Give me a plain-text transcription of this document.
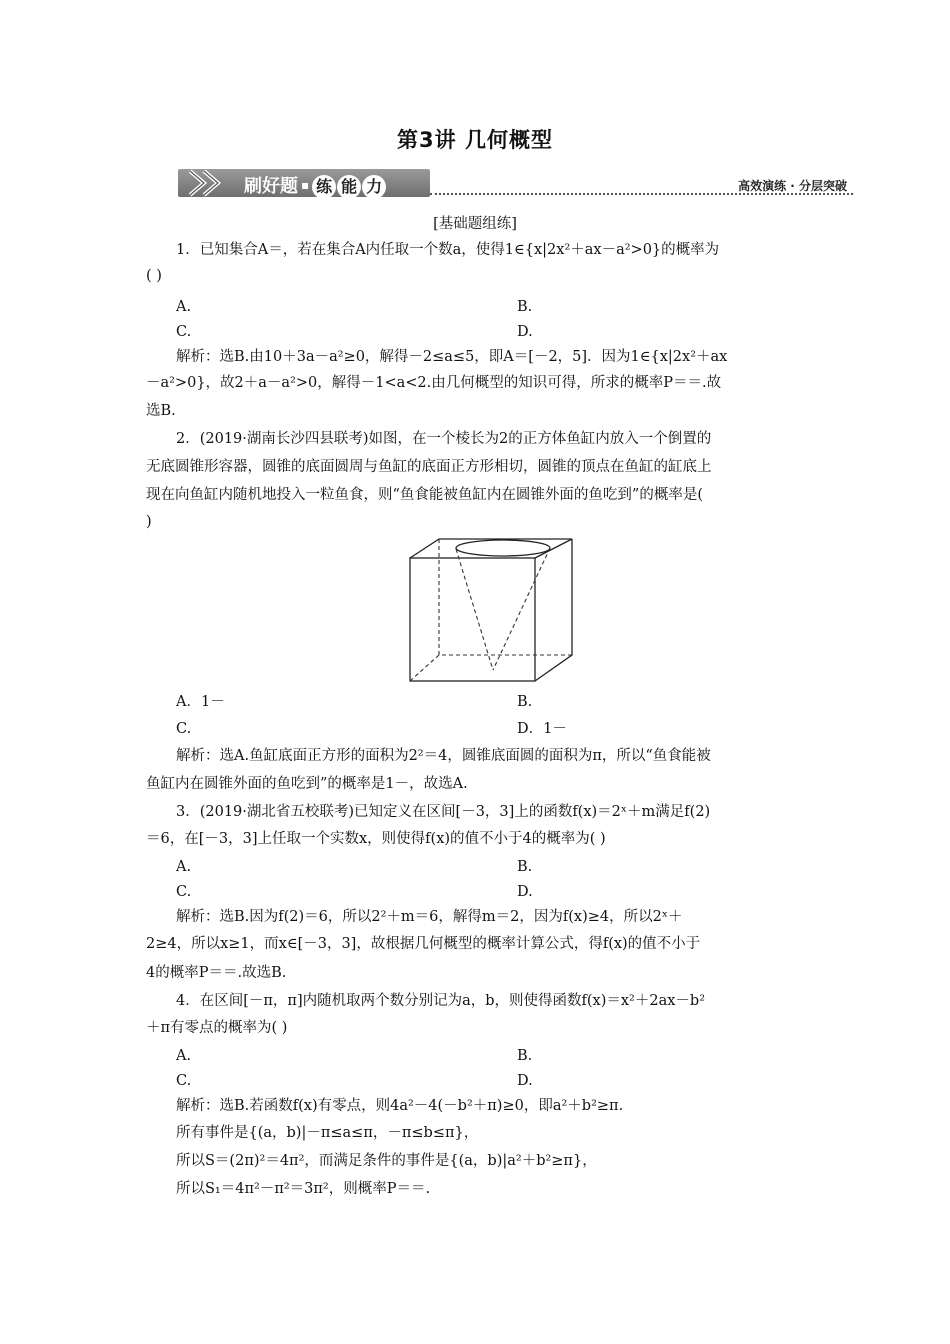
第3讲 几何概型
刷好题 ▪ 练 能 力	高效演练 · 分层突破
[基础题组练]
1．已知集合A＝，若在集合A内任取一个数a，使得1∈{x|2x²＋ax－a²>0}的概率为
( )
A.	B.
C.	D.
解析：选B.由10＋3a－a²≥0，解得－2≤a≤5，即A＝[－2，5]．因为1∈{x|2x²＋ax
－a²>0}，故2＋a－a²>0，解得－1<a<2.由几何概型的知识可得，所求的概率P＝＝.故
选B.
2．(2019·湖南长沙四县联考)如图，在一个棱长为2的正方体鱼缸内放入一个倒置的
无底圆锥形容器，圆锥的底面圆周与鱼缸的底面正方形相切，圆锥的顶点在鱼缸的缸底上
现在向鱼缸内随机地投入一粒鱼食，则“鱼食能被鱼缸内在圆锥外面的鱼吃到”的概率是(
)
A．1－	B.
C.	D．1－
解析：选A.鱼缸底面正方形的面积为2²＝4，圆锥底面圆的面积为π，所以“鱼食能被
鱼缸内在圆锥外面的鱼吃到”的概率是1－，故选A.
3．(2019·湖北省五校联考)已知定义在区间[－3，3]上的函数f(x)＝2ˣ＋m满足f(2)
＝6，在[－3，3]上任取一个实数x，则使得f(x)的值不小于4的概率为( )
A.	B.
C.	D.
解析：选B.因为f(2)＝6，所以2²＋m＝6，解得m＝2，因为f(x)≥4，所以2ˣ＋
2≥4，所以x≥1，而x∈[－3，3]，故根据几何概型的概率计算公式，得f(x)的值不小于
4的概率P＝＝.故选B.
4．在区间[－π，π]内随机取两个数分别记为a，b，则使得函数f(x)＝x²＋2ax－b²
＋π有零点的概率为( )
A.	B.
C.	D.
解析：选B.若函数f(x)有零点，则4a²－4(－b²＋π)≥0，即a²＋b²≥π.
所有事件是{(a，b)|－π≤a≤π，－π≤b≤π}，
所以S＝(2π)²＝4π²，而满足条件的事件是{(a，b)|a²＋b²≥π}，
所以S₁＝4π²－π²＝3π²，则概率P＝＝.
